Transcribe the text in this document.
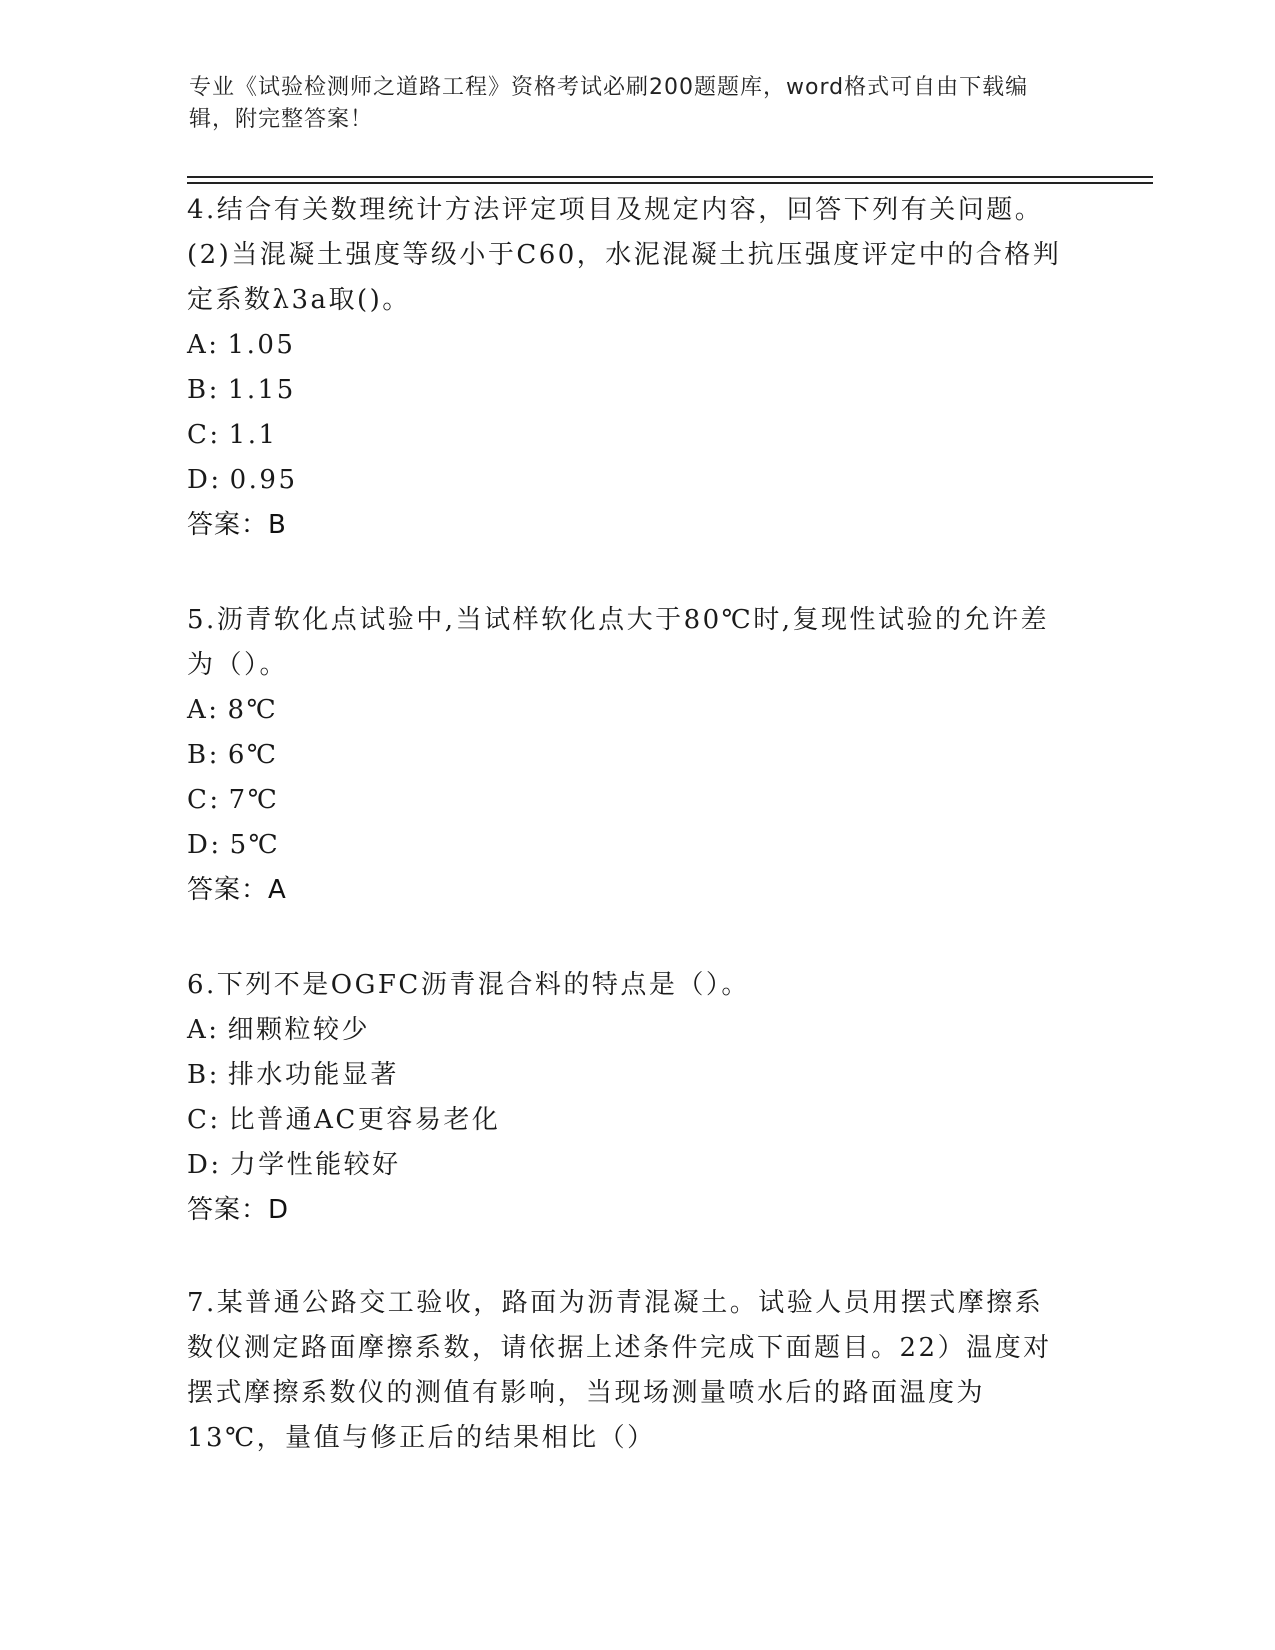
专业《试验检测师之道路工程》资格考试必刷200题题库，word格式可自由下载编辑，附完整答案！

4.结合有关数理统计方法评定项目及规定内容，回答下列有关问题。(2)当混凝土强度等级小于C60，水泥混凝土抗压强度评定中的合格判定系数λ3a取()。

A: 1.05

B: 1.15

C: 1.1

D: 0.95

答案：B

5.沥青软化点试验中,当试样软化点大于80℃时,复现性试验的允许差为（）。

A: 8℃

B: 6℃

C: 7℃

D: 5℃

答案：A

6.下列不是OGFC沥青混合料的特点是（）。

A: 细颗粒较少

B: 排水功能显著

C: 比普通AC更容易老化

D: 力学性能较好

答案：D

7.某普通公路交工验收，路面为沥青混凝土。试验人员用摆式摩擦系数仪测定路面摩擦系数，请依据上述条件完成下面题目。22）温度对摆式摩擦系数仪的测值有影响，当现场测量喷水后的路面温度为13℃，量值与修正后的结果相比（）
